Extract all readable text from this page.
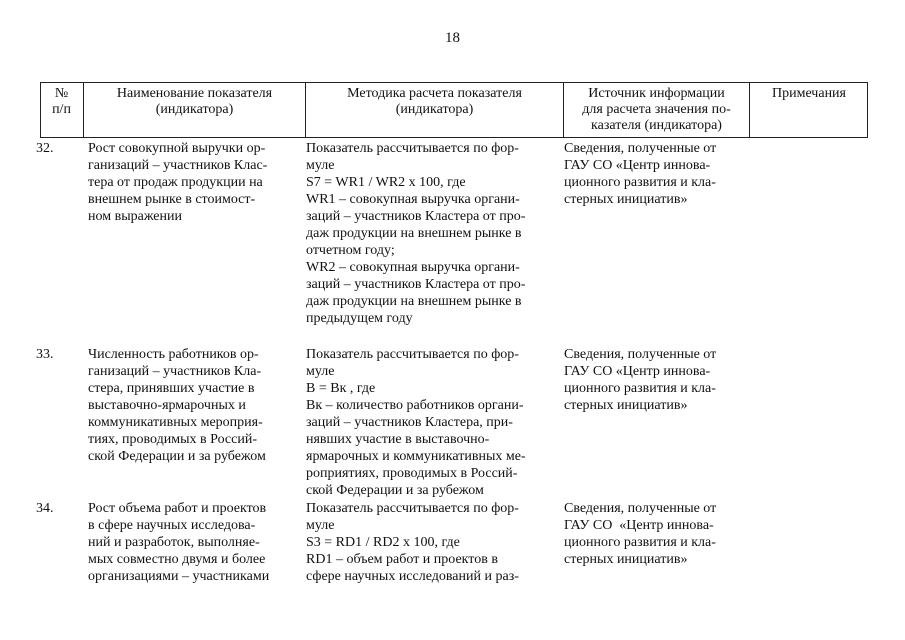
18
№
п/п
Наименование показателя
(индикатора)
Методика расчета показателя
(индикатора)
Источник информации
для расчета значения по-
казателя (индикатора)
Примечания
32. Рост совокупной выручки ор-
ганизаций – участников Клас-
тера от продаж продукции на
внешнем рынке в стоимост-
ном выражении
Показатель рассчитывается по фор-
муле
S7 = WR1 / WR2 x 100, где
WR1 – совокупная выручка органи-
заций – участников Кластера от про-
даж продукции на внешнем рынке в
отчетном году;
WR2 – совокупная выручка органи-
заций – участников Кластера от про-
даж продукции на внешнем рынке в
предыдущем году
Сведения, полученные от
ГАУ СО «Центр иннова-
ционного развития и кла-
стерных инициатив»
33. Численность работников ор-
ганизаций – участников Кла-
стера, принявших участие в
выставочно-ярмарочных и
коммуникативных мероприя-
тиях, проводимых в Россий-
ской Федерации и за рубежом
Показатель рассчитывается по фор-
муле
B = Bк , где
Bк – количество работников органи-
заций – участников Кластера, при-
нявших участие в выставочно-
ярмарочных и коммуникативных ме-
роприятиях, проводимых в Россий-
ской Федерации и за рубежом
Сведения, полученные от
ГАУ СО «Центр иннова-
ционного развития и кла-
стерных инициатив»
34. Рост объема работ и проектов
в сфере научных исследова-
ний и разработок, выполняе-
мых совместно двумя и более
организациями – участниками
Показатель рассчитывается по фор-
муле
S3 = RD1 / RD2 x 100, где
RD1 – объем работ и проектов в
сфере научных исследований и раз-
Сведения, полученные от
ГАУ СО  «Центр иннова-
ционного развития и кла-
стерных инициатив»
